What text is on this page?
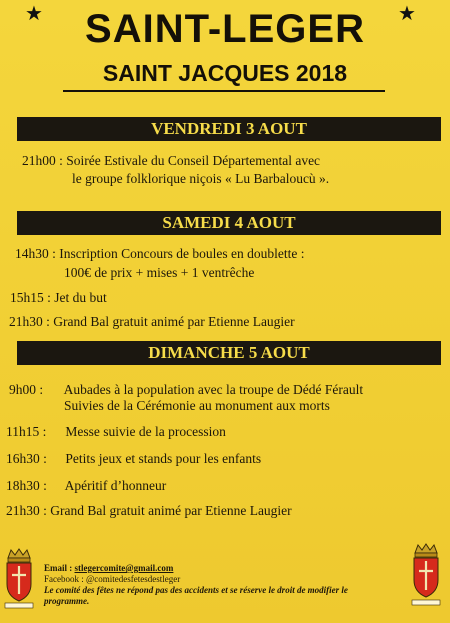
★	★
SAINT-LEGER
SAINT JACQUES 2018
VENDREDI 3 AOUT
21h00 : Soirée Estivale du Conseil Départemental avec
le groupe folklorique niçois « Lu Barbaloucù ».
SAMEDI 4 AOUT
14h30 : Inscription Concours de boules en doublette :
100€ de prix + mises + 1 ventrêche
15h15 : Jet du but
21h30 : Grand Bal gratuit animé par Etienne Laugier
DIMANCHE 5 AOUT
9h00 : Aubades à la population avec la troupe de Dédé Férault
Suivies de la Cérémonie au monument aux morts
11h15 : Messe suivie de la procession
16h30 : Petits jeux et stands pour les enfants
18h30 : Apéritif d’honneur
21h30 : Grand Bal gratuit animé par Etienne Laugier
Email : stlegercomite@gmail.com
Facebook : @comitedesfetesdestleger
Le comité des fêtes ne répond pas des accidents et se réserve le droit de modifier le
programme.
